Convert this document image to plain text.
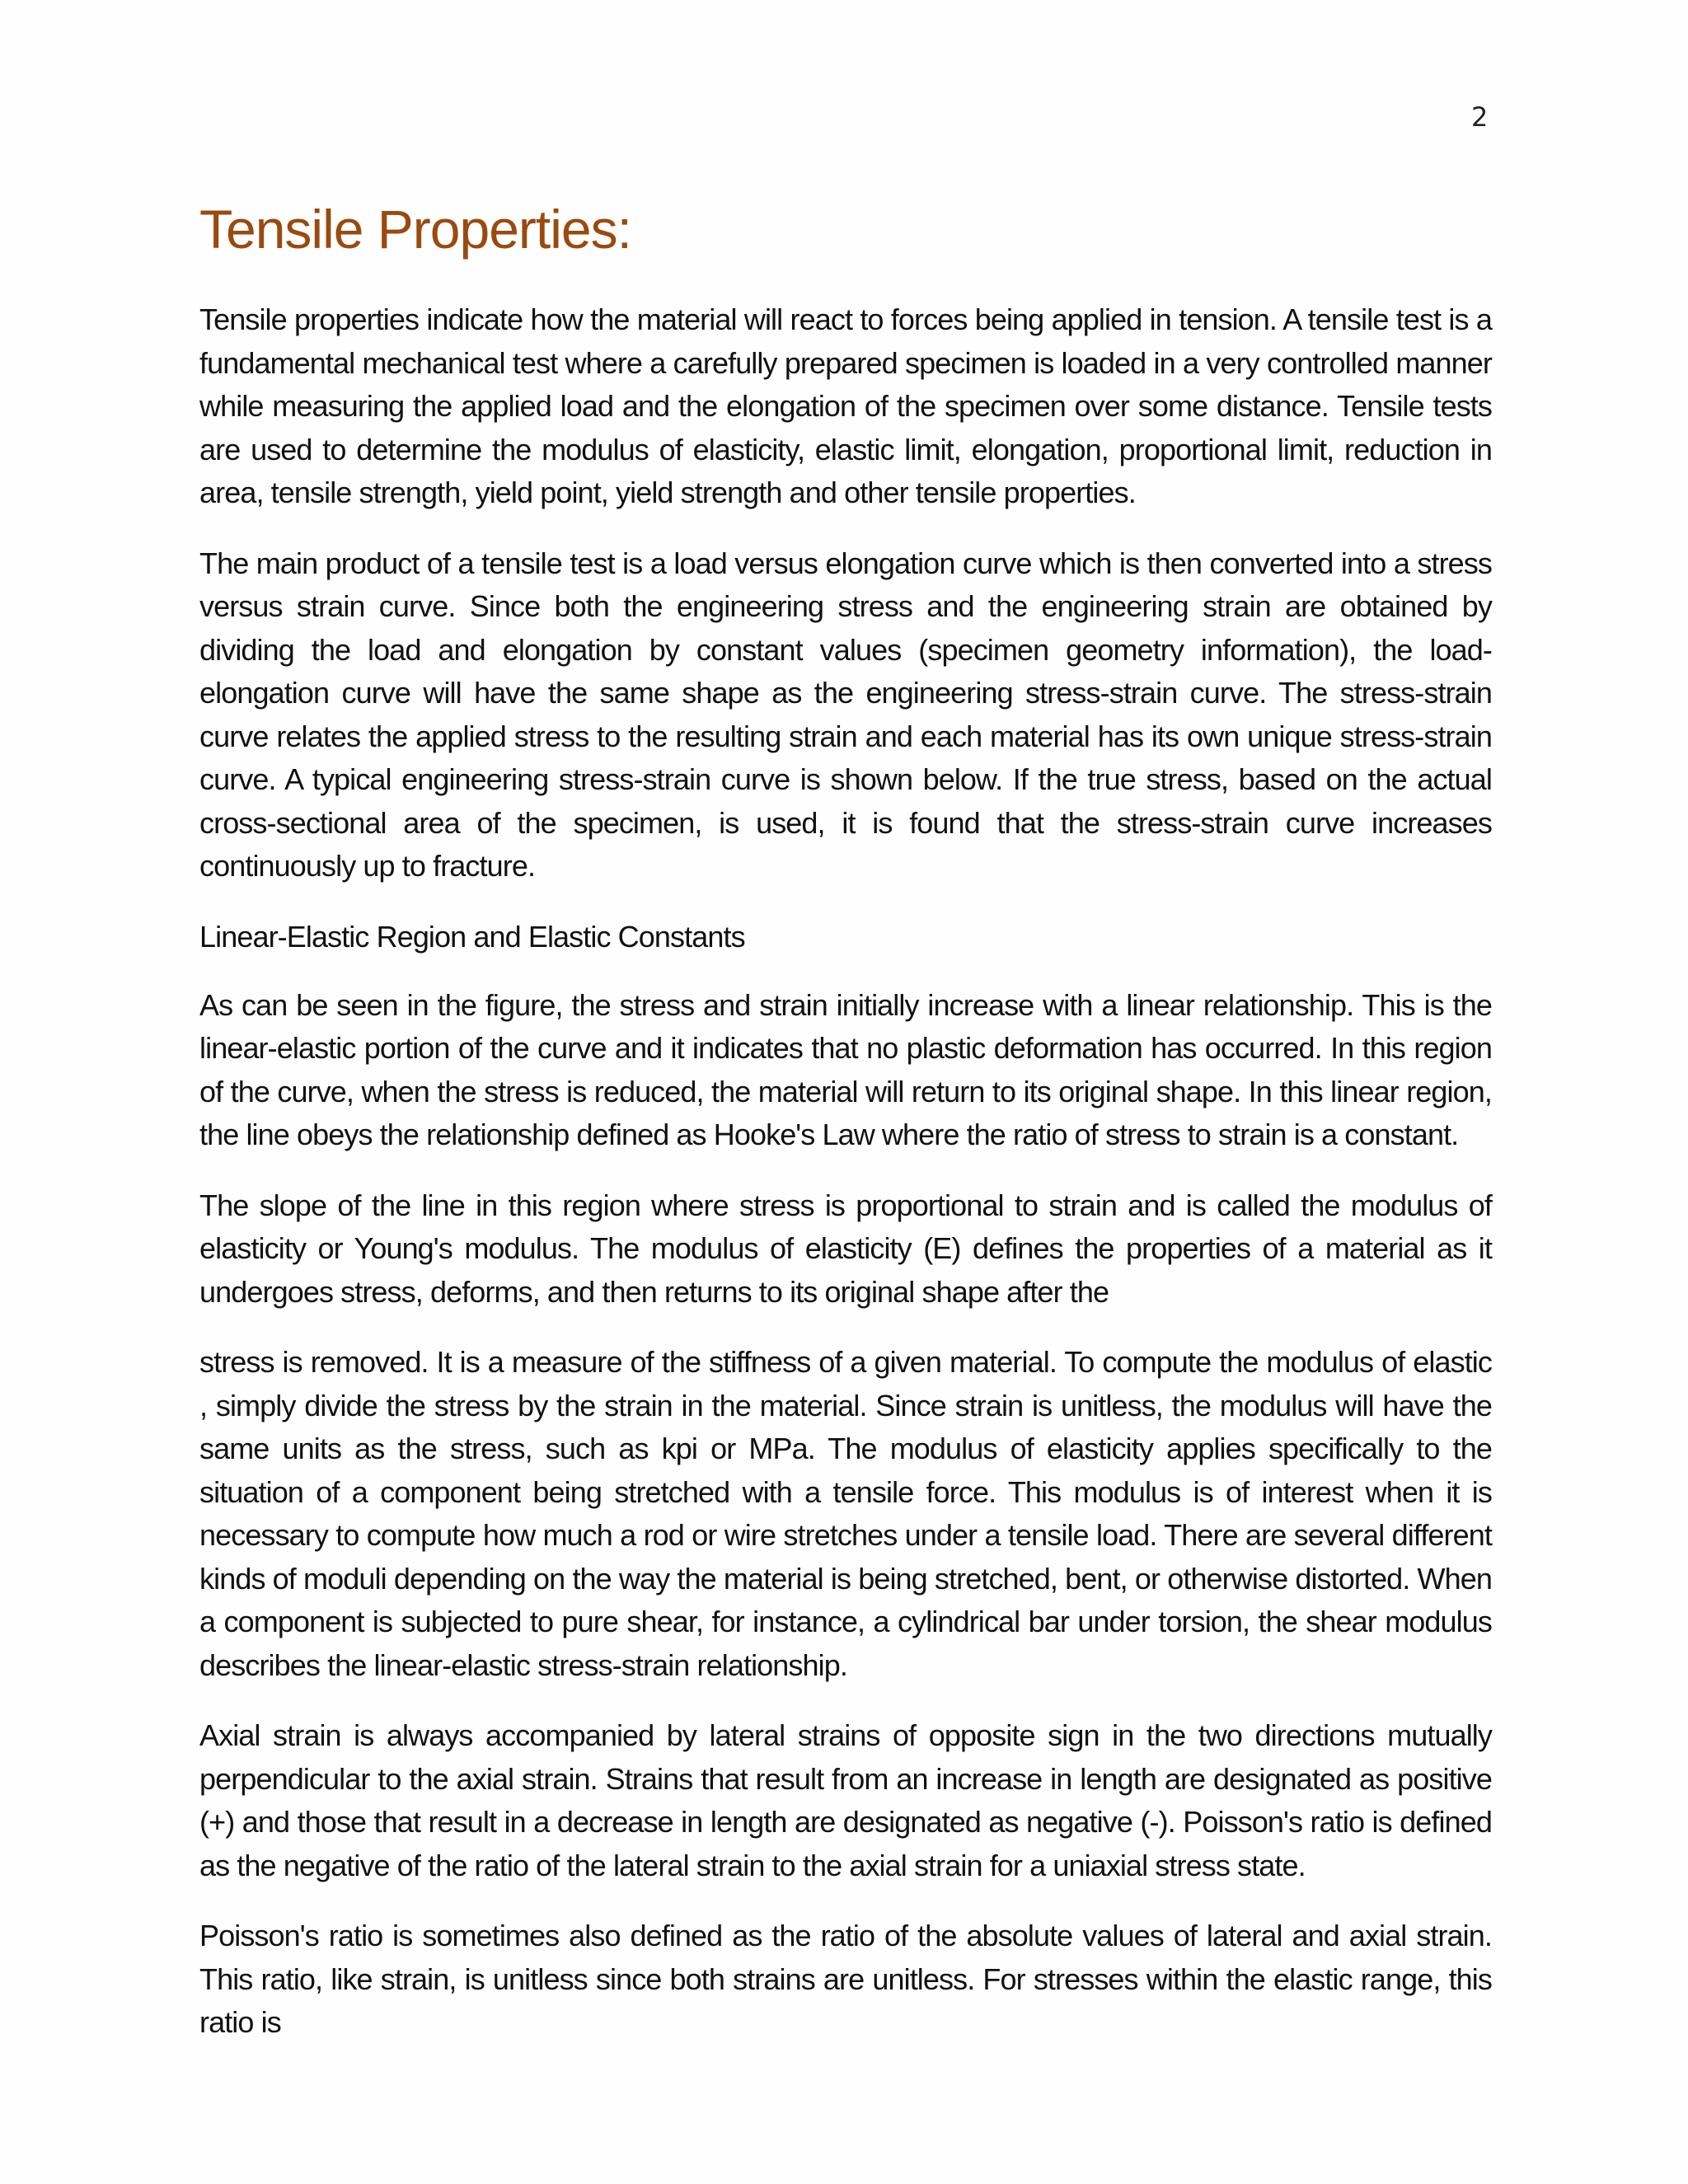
2
Tensile Properties:

Tensile properties indicate how the material will react to forces being applied in tension. A tensile test is a fundamental mechanical test where a carefully prepared specimen is loaded in a very controlled manner while measuring the applied load and the elongation of the specimen over some distance. Tensile tests are used to determine the modulus of elasticity, elastic limit, elongation, proportional limit, reduction in area, tensile strength, yield point, yield strength and other tensile properties.

The main product of a tensile test is a load versus elongation curve which is then converted into a stress versus strain curve. Since both the engineering stress and the engineering strain are obtained by dividing the load and elongation by constant values (specimen geometry information), the load-elongation curve will have the same shape as the engineering stress-strain curve. The stress-strain curve relates the applied stress to the resulting strain and each material has its own unique stress-strain curve. A typical engineering stress-strain curve is shown below. If the true stress, based on the actual cross-sectional area of the specimen, is used, it is found that the stress-strain curve increases continuously up to fracture.

Linear-Elastic Region and Elastic Constants

As can be seen in the figure, the stress and strain initially increase with a linear relationship. This is the linear-elastic portion of the curve and it indicates that no plastic deformation has occurred. In this region of the curve, when the stress is reduced, the material will return to its original shape. In this linear region, the line obeys the relationship defined as Hooke's Law where the ratio of stress to strain is a constant.

The slope of the line in this region where stress is proportional to strain and is called the modulus of elasticity or Young's modulus. The modulus of elasticity (E) defines the properties of a material as it undergoes stress, deforms, and then returns to its original shape after the

stress is removed. It is a measure of the stiffness of a given material. To compute the modulus of elastic , simply divide the stress by the strain in the material. Since strain is unitless, the modulus will have the same units as the stress, such as kpi or MPa. The modulus of elasticity applies specifically to the situation of a component being stretched with a tensile force. This modulus is of interest when it is necessary to compute how much a rod or wire stretches under a tensile load. There are several different kinds of moduli depending on the way the material is being stretched, bent, or otherwise distorted. When a component is subjected to pure shear, for instance, a cylindrical bar under torsion, the shear modulus describes the linear-elastic stress-strain relationship.

Axial strain is always accompanied by lateral strains of opposite sign in the two directions mutually perpendicular to the axial strain. Strains that result from an increase in length are designated as positive (+) and those that result in a decrease in length are designated as negative (-). Poisson's ratio is defined as the negative of the ratio of the lateral strain to the axial strain for a uniaxial stress state.

Poisson's ratio is sometimes also defined as the ratio of the absolute values of lateral and axial strain. This ratio, like strain, is unitless since both strains are unitless. For stresses within the elastic range, this ratio is
